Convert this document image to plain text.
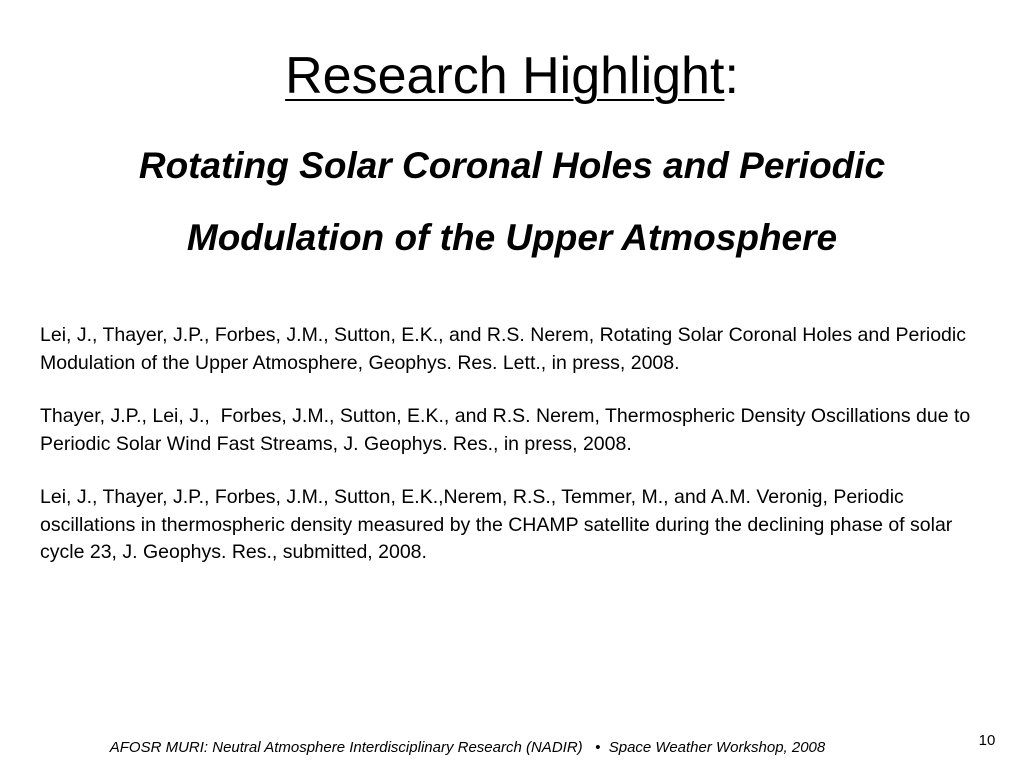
Research Highlight:
Rotating Solar Coronal Holes and Periodic
Modulation of the Upper Atmosphere

Lei, J., Thayer, J.P., Forbes, J.M., Sutton, E.K., and R.S. Nerem, Rotating Solar Coronal Holes and Periodic Modulation of the Upper Atmosphere, Geophys. Res. Lett., in press, 2008.

Thayer, J.P., Lei, J.,  Forbes, J.M., Sutton, E.K., and R.S. Nerem, Thermospheric Density Oscillations due to Periodic Solar Wind Fast Streams, J. Geophys. Res., in press, 2008.

Lei, J., Thayer, J.P., Forbes, J.M., Sutton, E.K.,Nerem, R.S., Temmer, M., and A.M. Veronig, Periodic oscillations in thermospheric density measured by the CHAMP satellite during the declining phase of solar cycle 23, J. Geophys. Res., submitted, 2008.

AFOSR MURI: Neutral Atmosphere Interdisciplinary Research (NADIR)   •  Space Weather Workshop, 2008	10
